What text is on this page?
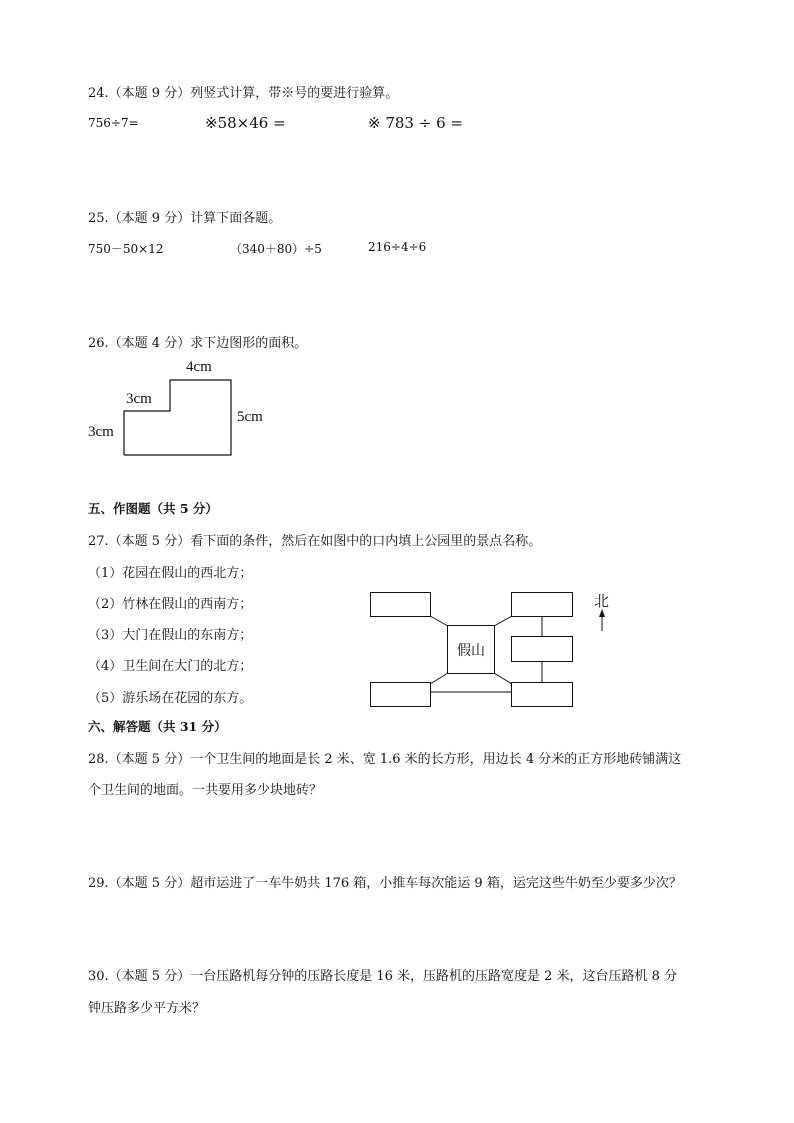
24.（本题 9 分）列竖式计算，带※号的要进行验算。
756÷7=	※58×46 =	※ 783 ÷ 6 =
25.（本题 9 分）计算下面各题。
750－50×12	（340＋80）÷5	216÷4÷6
26.（本题 4 分）求下边图形的面积。
4cm
3cm
3cm
5cm
五、作图题（共 5 分）
27.（本题 5 分）看下面的条件，然后在如图中的口内填上公园里的景点名称。
（1）花园在假山的西北方；
（2）竹林在假山的西南方；
（3）大门在假山的东南方；
（4）卫生间在大门的北方；
（5）游乐场在花园的东方。
假山
北
六、解答题（共 31 分）
28.（本题 5 分）一个卫生间的地面是长 2 米、宽 1.6 米的长方形，用边长 4 分米的正方形地砖铺满这
个卫生间的地面。一共要用多少块地砖？
29.（本题 5 分）超市运进了一车牛奶共 176 箱，小推车每次能运 9 箱，运完这些牛奶至少要多少次？
30.（本题 5 分）一台压路机每分钟的压路长度是 16 米，压路机的压路宽度是 2 米，这台压路机 8 分
钟压路多少平方米？
